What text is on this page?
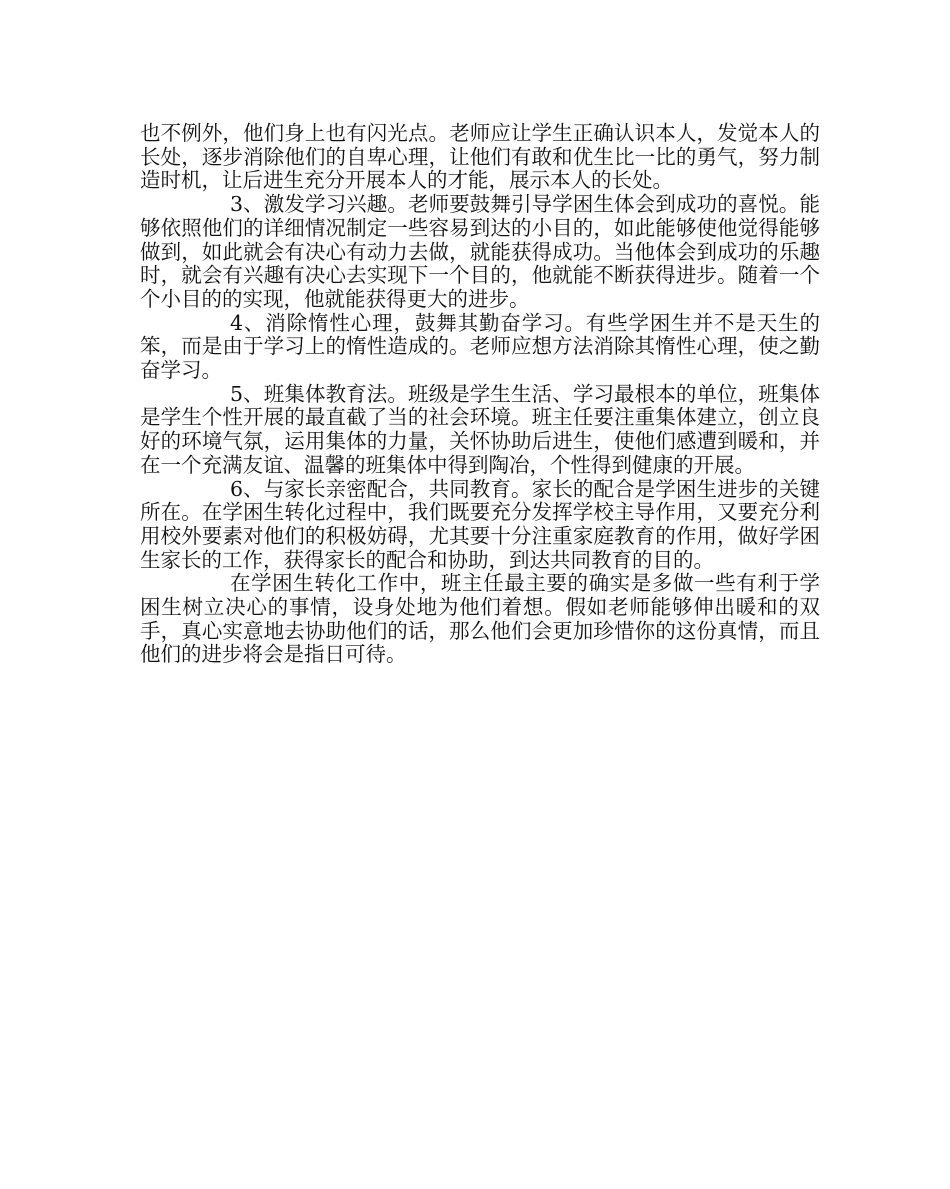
也不例外，他们身上也有闪光点。老师应让学生正确认识本人，发觉本人的长处，逐步消除他们的自卑心理，让他们有敢和优生比一比的勇气，努力制造时机，让后进生充分开展本人的才能，展示本人的长处。

3、激发学习兴趣。老师要鼓舞引导学困生体会到成功的喜悦。能够依照他们的详细情况制定一些容易到达的小目的，如此能够使他觉得能够做到，如此就会有决心有动力去做，就能获得成功。当他体会到成功的乐趣时，就会有兴趣有决心去实现下一个目的，他就能不断获得进步。随着一个个小目的的实现，他就能获得更大的进步。

4、消除惰性心理，鼓舞其勤奋学习。有些学困生并不是天生的笨，而是由于学习上的惰性造成的。老师应想方法消除其惰性心理，使之勤奋学习。

5、班集体教育法。班级是学生生活、学习最根本的单位，班集体是学生个性开展的最直截了当的社会环境。班主任要注重集体建立，创立良好的环境气氛，运用集体的力量，关怀协助后进生，使他们感遭到暖和，并在一个充满友谊、温馨的班集体中得到陶冶，个性得到健康的开展。

6、与家长亲密配合，共同教育。家长的配合是学困生进步的关键所在。在学困生转化过程中，我们既要充分发挥学校主导作用，又要充分利用校外要素对他们的积极妨碍，尤其要十分注重家庭教育的作用，做好学困生家长的工作，获得家长的配合和协助，到达共同教育的目的。

在学困生转化工作中，班主任最主要的确实是多做一些有利于学困生树立决心的事情，设身处地为他们着想。假如老师能够伸出暖和的双手，真心实意地去协助他们的话，那么他们会更加珍惜你的这份真情，而且他们的进步将会是指日可待。
